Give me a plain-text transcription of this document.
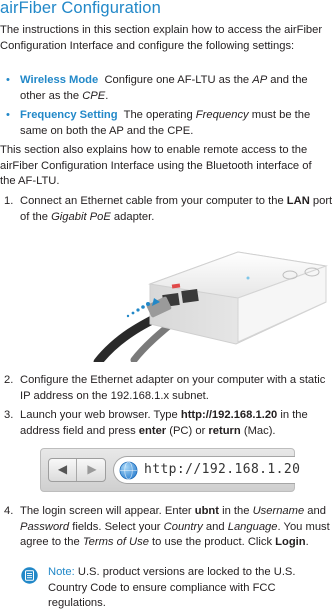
airFiber Configuration

The instructions in this section explain how to access the airFiber Configuration Interface and configure the following settings:

• Wireless Mode Configure one AF-LTU as the AP and the other as the CPE.
• Frequency Setting The operating Frequency must be the same on both the AP and the CPE.

This section also explains how to enable remote access to the airFiber Configuration Interface using the Bluetooth interface of the AF-LTU.

1. Connect an Ethernet cable from your computer to the LAN port of the Gigabit PoE adapter.
2. Configure the Ethernet adapter on your computer with a static IP address on the 192.168.1.x subnet.
3. Launch your web browser. Type http://192.168.1.20 in the address field and press enter (PC) or return (Mac).
◀	▶	http://192.168.1.20
4. The login screen will appear. Enter ubnt in the Username and Password fields. Select your Country and Language. You must agree to the Terms of Use to use the product. Click Login.
Note: U.S. product versions are locked to the U.S. Country Code to ensure compliance with FCC regulations.
